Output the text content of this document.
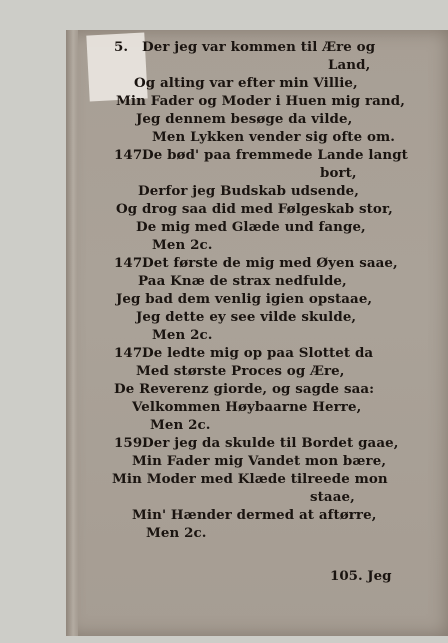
5. Der jeg var kommen til Ære og
Land,
Og alting var efter min Villie,
Min Fader og Moder i Huen mig rand,
Jeg dennem besøge da vilde,
Men Lykken vender sig ofte om.
147.De bød' paa fremmede Lande langt
bort,
Derfor jeg Budskab udsende,
Og drog saa did med Følgeskab stor,
De mig med Glæde und fange,
Men 2c.
147.Det første de mig med Øyen saae,
Paa Knæ de strax nedfulde,
Jeg bad dem venlig igien opstaae,
Jeg dette ey see vilde skulde,
Men 2c.
147.De ledte mig op paa Slottet da
Med største Proces og Ære,
De Reverenz giorde, og sagde saa:
Velkommen Høybaarne Herre,
Men 2c.
159.Der jeg da skulde til Bordet gaae,
Min Fader mig Vandet mon bære,
Min Moder med Klæde tilreede mon
staae,
Min' Hænder dermed at aftørre,
Men 2c.
105. Jeg
